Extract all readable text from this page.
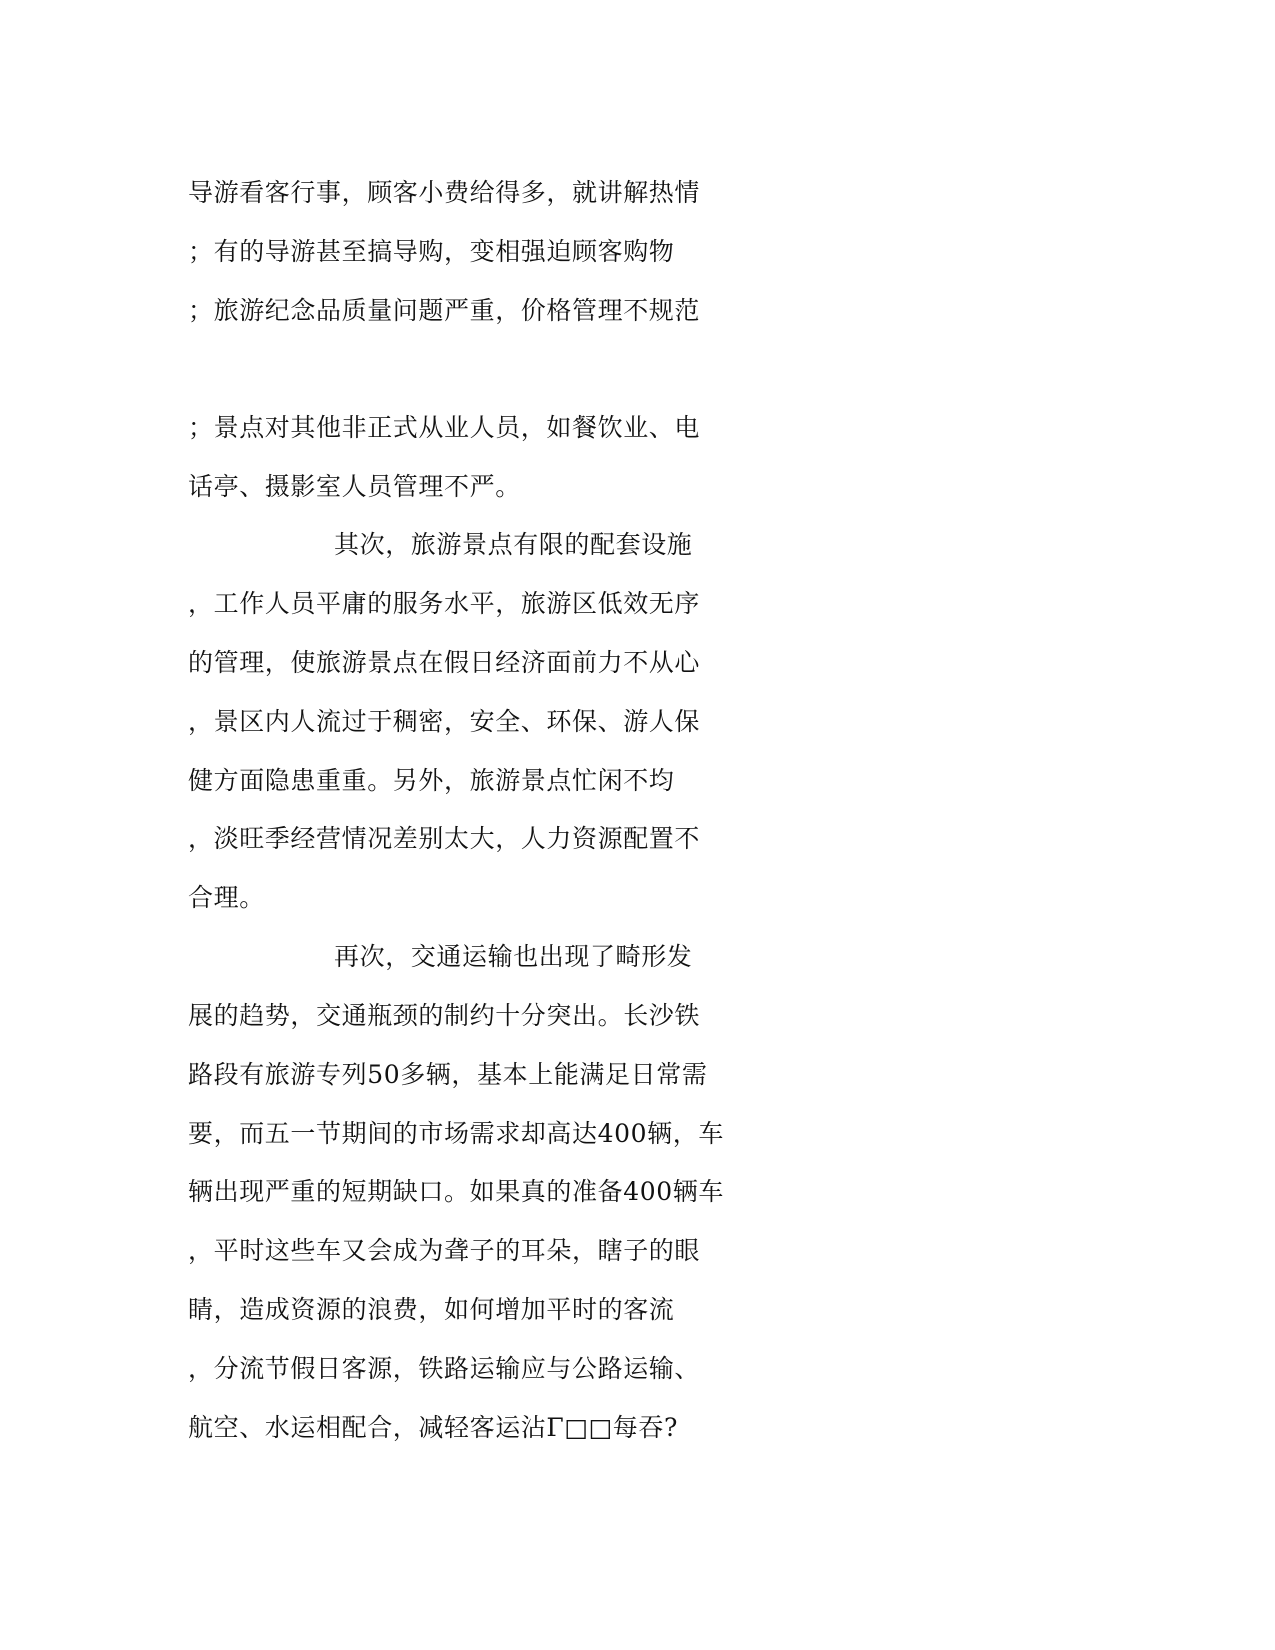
导游看客行事，顾客小费给得多，就讲解热情
；有的导游甚至搞导购，变相强迫顾客购物
；旅游纪念品质量问题严重，价格管理不规范
；景点对其他非正式从业人员，如餐饮业、电
话亭、摄影室人员管理不严。
其次，旅游景点有限的配套设施
，工作人员平庸的服务水平，旅游区低效无序
的管理，使旅游景点在假日经济面前力不从心
，景区内人流过于稠密，安全、环保、游人保
健方面隐患重重。另外，旅游景点忙闲不均
，淡旺季经营情况差别太大，人力资源配置不
合理。
再次，交通运输也出现了畸形发
展的趋势，交通瓶颈的制约十分突出。长沙铁
路段有旅游专列50多辆，基本上能满足日常需
要，而五一节期间的市场需求却高达400辆，车
辆出现严重的短期缺口。如果真的准备400辆车
，平时这些车又会成为聋子的耳朵，瞎子的眼
睛，造成资源的浪费，如何增加平时的客流
，分流节假日客源，铁路运输应与公路运输、
航空、水运相配合，减轻客运沾Γ□□每吞?
